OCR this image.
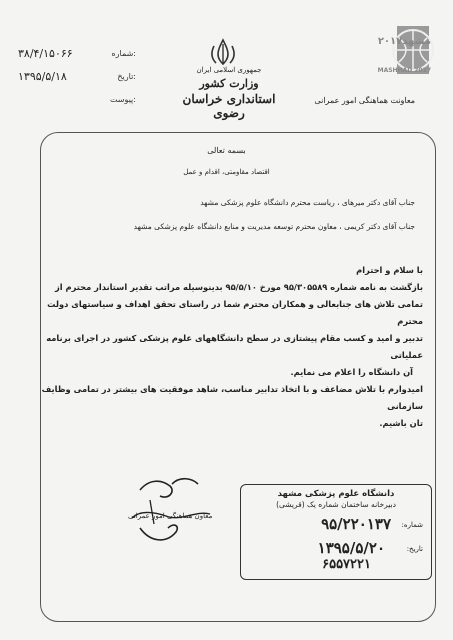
۳۸/۴/۱۵۰۶۶	شماره:
۱۳۹۵/۵/۱۸	تاریخ:
پیوست:
جمهوری اسلامی ایران
وزارت کشور
استانداری خراسان رضوی
مشهد۲۰۱۷
MASHHAD 2017
معاونت هماهنگی امور عمرانی
بسمه تعالی
اقتصاد مقاومتی، اقدام و عمل
جناب آقای دکتر میرهای ، ریاست محترم دانشگاه علوم پزشکی مشهد
جناب آقای دکتر کریمی ، معاون محترم توسعه مدیریت و منابع دانشگاه علوم پزشکی مشهد

با سلام و احترام

بازگشت به نامه شماره ۹۵/۳۰۵۵۸۹ مورخ ۹۵/۵/۱۰ بدینوسیله مراتب تقدیر استاندار محترم از

تمامی تلاش های جنابعالی و همکاران محترم شما در راستای تحقق اهداف و سیاستهای دولت محترم

تدبیر و امید و کسب مقام پیشتازی در سطح دانشگاههای علوم پزشکی کشور در اجرای برنامه عملیاتی

آن دانشگاه را اعلام می نمایم.

امیدوارم با تلاش مضاعف و با اتخاذ تدابیر مناسب، شاهد موفقیت های بیشتر در تمامی وظایف سازمانی

تان باشیم.

معاون هماهنگی امور عمرانی
دانشگاه علوم پزشکی مشهد
دبیرخانه ساختمان شماره یک (قریشی)
شماره:
۹۵/۲۲۰۱۳۷
تاریخ:
۱۳۹۵/۵/۲۰
۶۵۵۷۲۲۱
